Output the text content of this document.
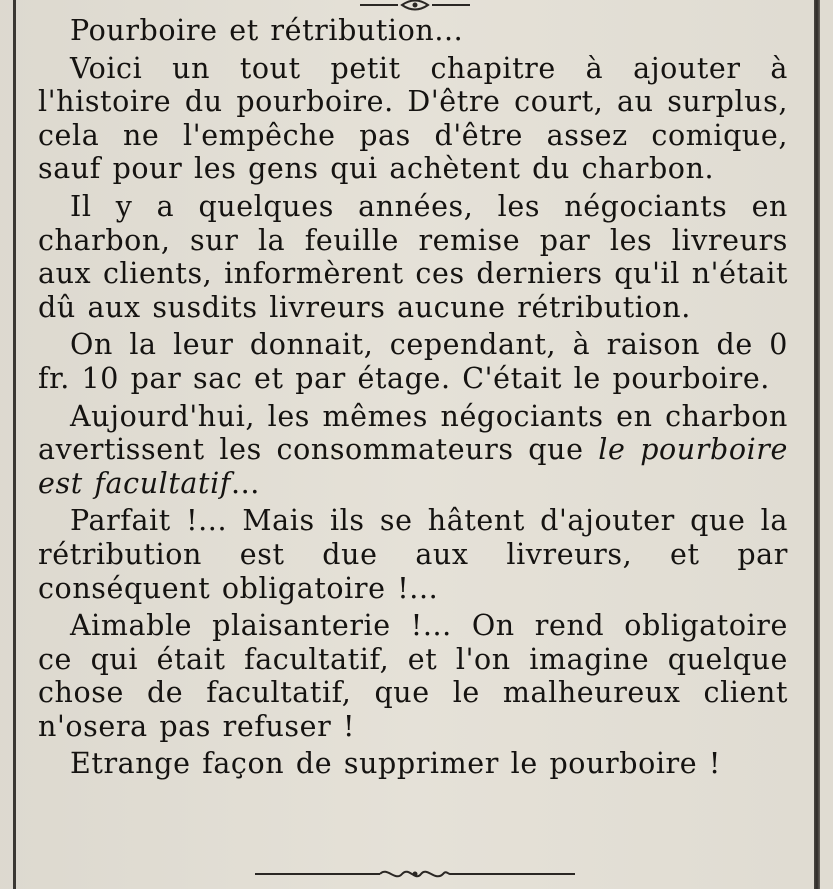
Pourboire et rétribution...

Voici un tout petit chapitre à ajouter à l'histoire du pourboire. D'être court, au surplus, cela ne l'empêche pas d'être assez comique, sauf pour les gens qui achètent du charbon.

Il y a quelques années, les négociants en charbon, sur la feuille remise par les livreurs aux clients, informèrent ces derniers qu'il n'était dû aux susdits livreurs aucune rétribution.

On la leur donnait, cependant, à raison de 0 fr. 10 par sac et par étage. C'était le pourboire.

Aujourd'hui, les mêmes négociants en charbon avertissent les consommateurs que le pourboire est facultatif...

Parfait !... Mais ils se hâtent d'ajouter que la rétribution est due aux livreurs, et par conséquent obligatoire !...

Aimable plaisanterie !... On rend obligatoire ce qui était facultatif, et l'on imagine quelque chose de facultatif, que le malheureux client n'osera pas refuser !

Etrange façon de supprimer le pourboire !
